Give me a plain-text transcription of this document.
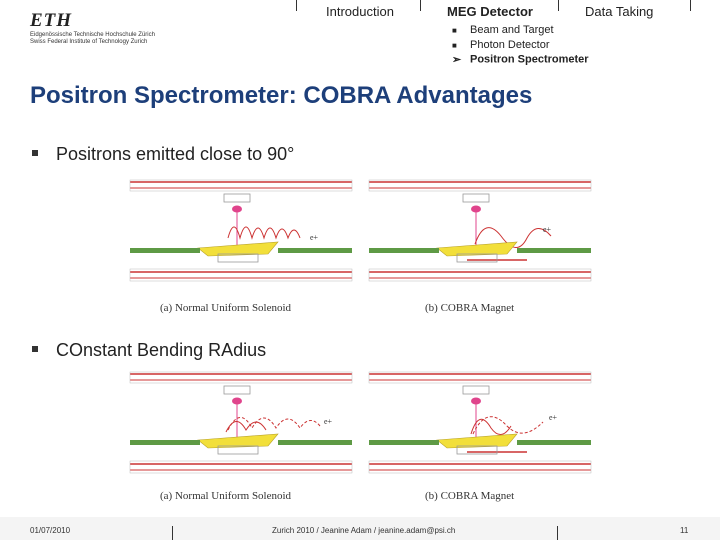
ETH
Eidgenössische Technische Hochschule Zürich
Swiss Federal Institute of Technology Zurich
Introduction	MEG Detector	Data Taking
■ Beam and Target
■ Photon Detector
➢ Positron Spectrometer
Positron Spectrometer: COBRA Advantages
Positrons emitted close to 90°
e+
(a) Normal Uniform Solenoid
e+
(b) COBRA Magnet
COnstant Bending RAdius
e+
(a) Normal Uniform Solenoid
e+
(b) COBRA Magnet
01/07/2010	Zurich 2010 / Jeanine Adam / jeanine.adam@psi.ch	11
